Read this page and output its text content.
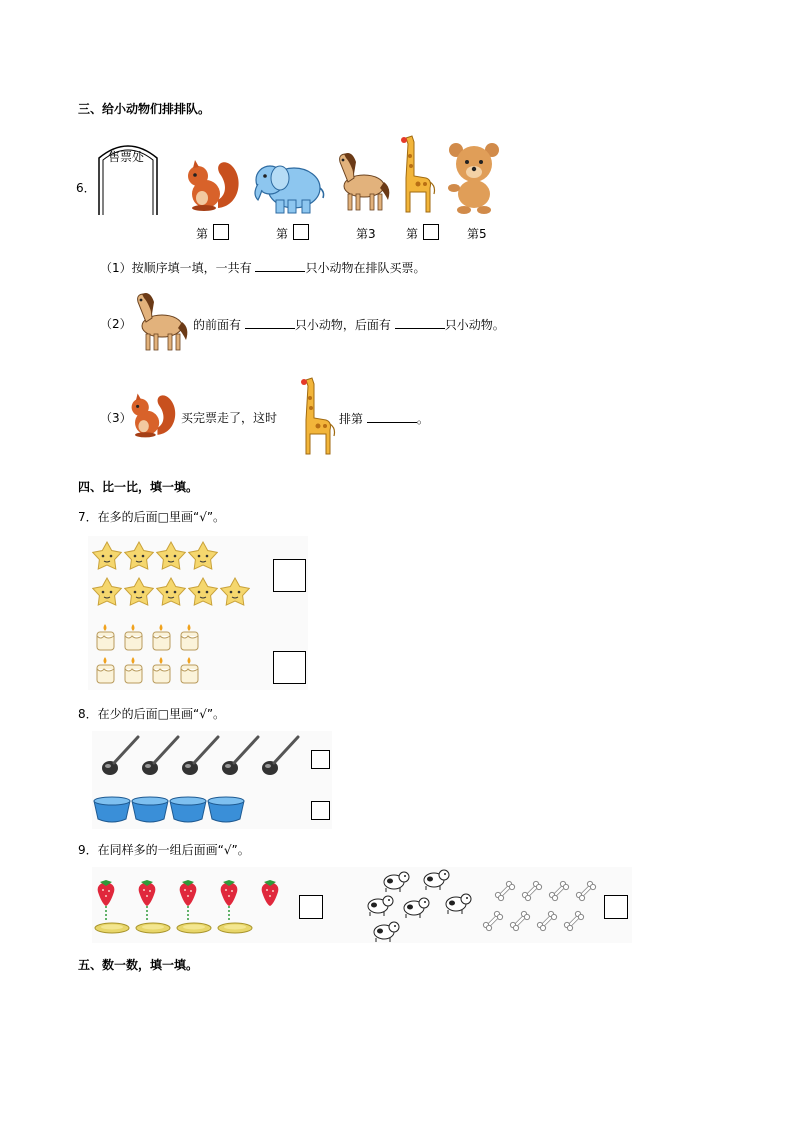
三、给小动物们排排队。
6．
售票处
第	第	第3	第	第5
（1）按顺序填一填，一共有	只小动物在排队买票。
（2）	的前面有	只小动物，后面有	只小动物。
（3）	买完票走了，这时	排第	。
四、比一比，填一填。
7．在多的后面□里画“√”。
8．在少的后面□里画“√”。
9．在同样多的一组后面画“√”。
五、数一数，填一填。
